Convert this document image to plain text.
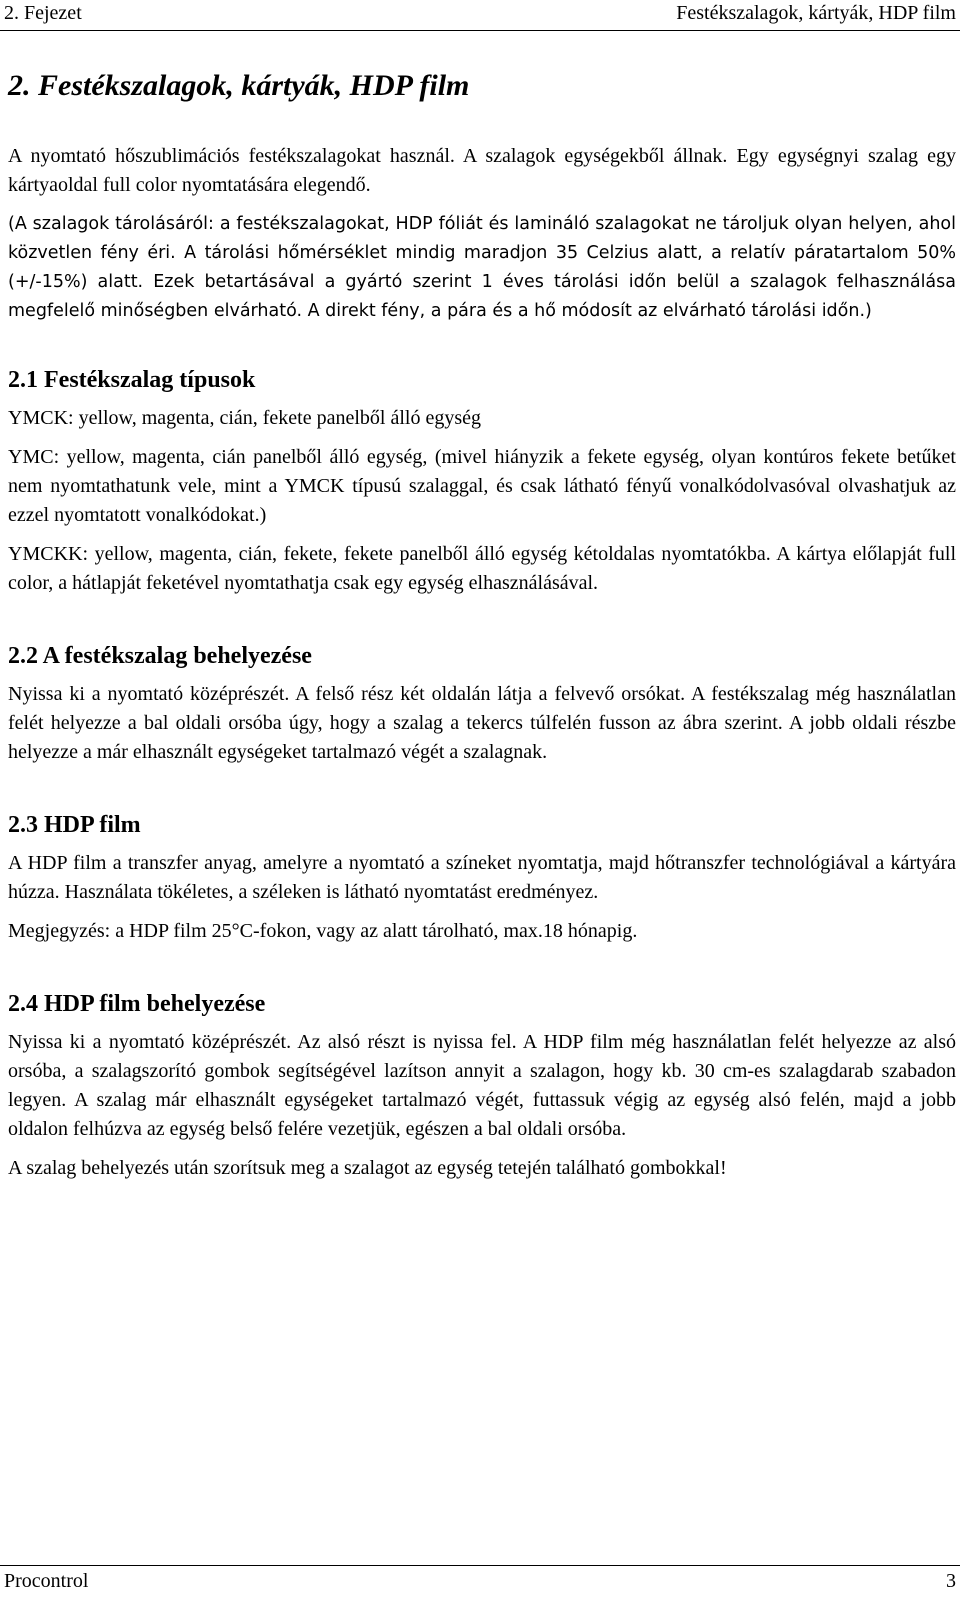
2. Fejezet	Festékszalagok, kártyák, HDP film
2. Festékszalagok, kártyák, HDP film

A nyomtató hőszublimációs festékszalagokat használ. A szalagok egységekből állnak. Egy egységnyi szalag egy kártyaoldal full color nyomtatására elegendő.

(A szalagok tárolásáról: a festékszalagokat, HDP fóliát és lamináló szalagokat ne tároljuk olyan helyen, ahol közvetlen fény éri. A tárolási hőmérséklet mindig maradjon 35 Celzius alatt, a relatív páratartalom 50% (+/-15%) alatt. Ezek betartásával a gyártó szerint 1 éves tárolási időn belül a szalagok felhasználása megfelelő minőségben elvárható. A direkt fény, a pára és a hő módosít az elvárható tárolási időn.)

2.1 Festékszalag típusok

YMCK: yellow, magenta, cián, fekete panelből álló egység

YMC: yellow, magenta, cián panelből álló egység, (mivel hiányzik a fekete egység, olyan kontúros fekete betűket nem nyomtathatunk vele, mint a YMCK típusú szalaggal, és csak látható fényű vonalkódolvasóval olvashatjuk az ezzel nyomtatott vonalkódokat.)

YMCKK: yellow, magenta, cián, fekete, fekete panelből álló egység kétoldalas nyomtatókba. A kártya előlapját full color, a hátlapját feketével nyomtathatja csak egy egység elhasználásával.

2.2 A festékszalag behelyezése

Nyissa ki a nyomtató középrészét. A felső rész két oldalán látja a felvevő orsókat. A festékszalag még használatlan felét helyezze a bal oldali orsóba úgy, hogy a szalag a tekercs túlfelén fusson az ábra szerint. A jobb oldali részbe helyezze a már elhasznált egységeket tartalmazó végét a szalagnak.

2.3 HDP film

A HDP film a transzfer anyag, amelyre a nyomtató a színeket nyomtatja, majd hőtranszfer technológiával a kártyára húzza. Használata tökéletes, a széleken is látható nyomtatást eredményez.

Megjegyzés: a HDP film 25°C-fokon, vagy az alatt tárolható, max.18 hónapig.

2.4 HDP film behelyezése

Nyissa ki a nyomtató középrészét. Az alsó részt is nyissa fel. A HDP film még használatlan felét helyezze az alsó orsóba, a szalagszorító gombok segítségével lazítson annyit a szalagon, hogy kb. 30 cm-es szalagdarab szabadon legyen. A szalag már elhasznált egységeket tartalmazó végét, futtassuk végig az egység alsó felén, majd a jobb oldalon felhúzva az egység belső felére vezetjük, egészen a bal oldali orsóba.

A szalag behelyezés után szorítsuk meg a szalagot az egység tetején található gombokkal!

Procontrol	3
